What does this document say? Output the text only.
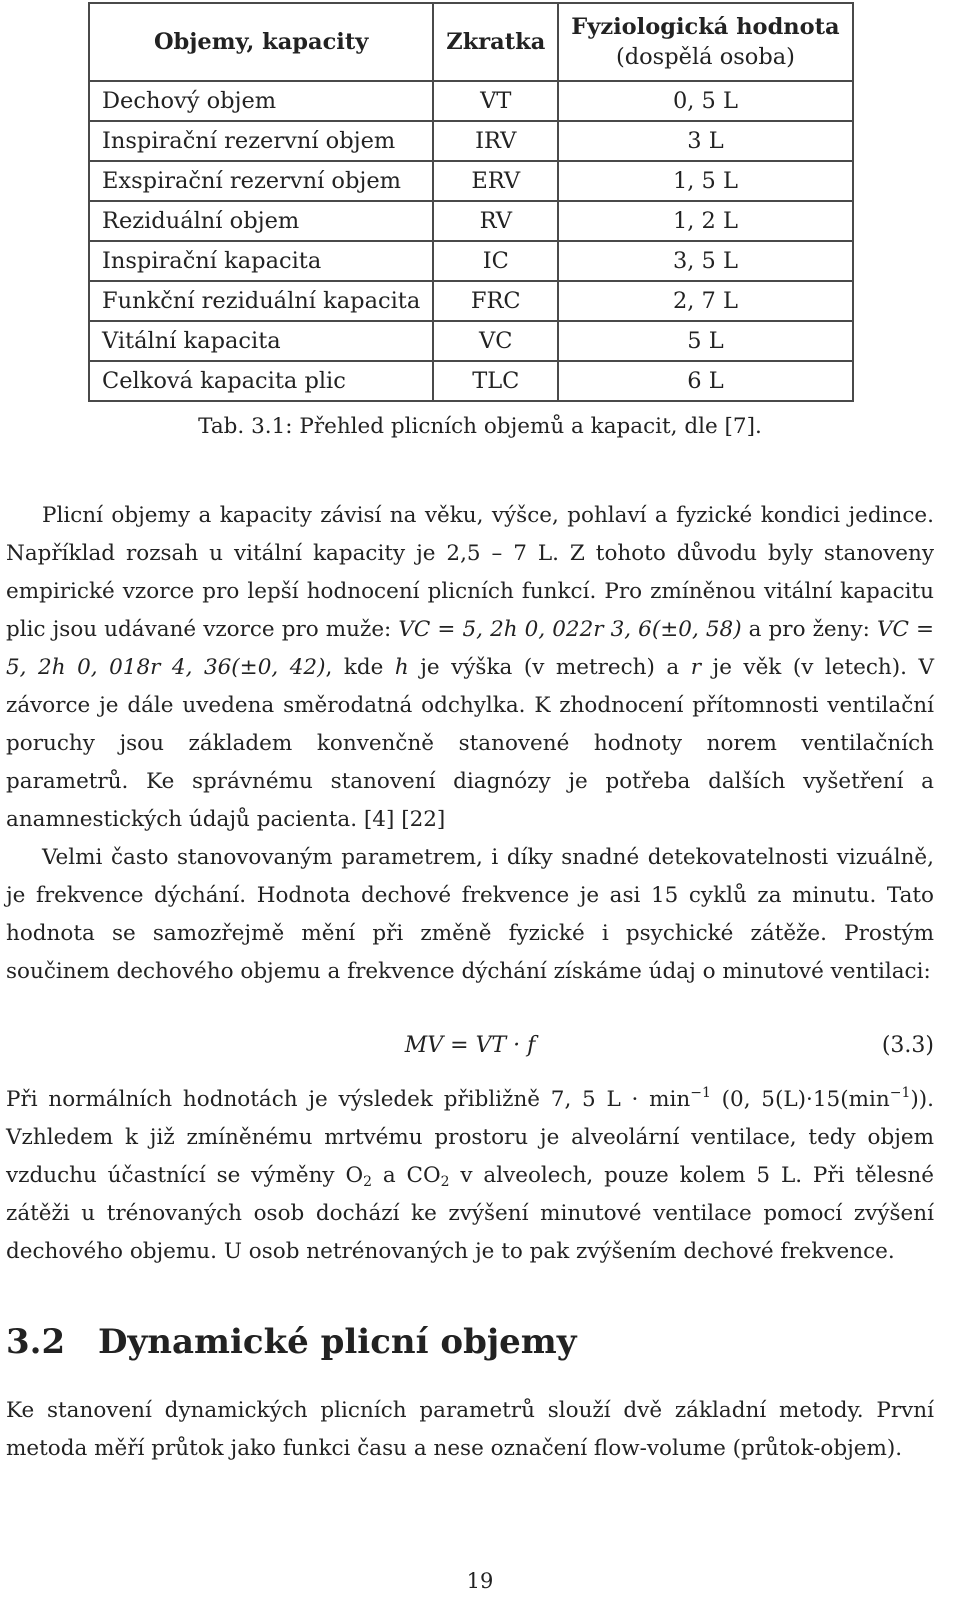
Objemy, kapacity	Zkratka	Fyziologická hodnota
(dospělá osoba)

Dechový objem	VT	0, 5 L
Inspirační rezervní objem	IRV	3 L
Exspirační rezervní objem	ERV	1, 5 L
Reziduální objem	RV	1, 2 L
Inspirační kapacita	IC	3, 5 L
Funkční reziduální kapacita	FRC	2, 7 L
Vitální kapacita	VC	5 L
Celková kapacita plic	TLC	6 L
Tab. 3.1: Přehled plicních objemů a kapacit, dle [7].

Plicní objemy a kapacity závisí na věku, výšce, pohlaví a fyzické kondici jedince. Například rozsah u vitální kapacity je 2,5 – 7 L. Z tohoto důvodu byly stanoveny empirické vzorce pro lepší hodnocení plicních funkcí. Pro zmíněnou vitální kapacitu plic jsou udávané vzorce pro muže: VC = 5, 2h 0, 022r 3, 6(±0, 58) a pro ženy: VC = 5, 2h 0, 018r 4, 36(±0, 42), kde h je výška (v metrech) a r je věk (v letech). V závorce je dále uvedena směrodatná odchylka. K zhodnocení přítomnosti ventilační poruchy jsou základem konvenčně stanovené hodnoty norem ventilačních parametrů. Ke správnému stanovení diagnózy je potřeba dalších vyšetření a anamnestických údajů pacienta. [4] [22]

Velmi často stanovovaným parametrem, i díky snadné detekovatelnosti vizuálně, je frekvence dýchání. Hodnota dechové frekvence je asi 15 cyklů za minutu. Tato hodnota se samozřejmě mění při změně fyzické i psychické zátěže. Prostým součinem dechového objemu a frekvence dýchání získáme údaj o minutové ventilaci:

MV = VT · f	(3.3)

Při normálních hodnotách je výsledek přibližně 7, 5 $L \cdot \min^{-1} (0$, $5(L)\cdot 15(\min^{-1})$). Vzhledem k již zmíněnému mrtvému prostoru je alveolární ventilace, tedy objem vzduchu účastnící se výměny $O_2$ a $CO_2$ v alveolech, pouze kolem 5 L. Při tělesné zátěži u trénovaných osob dochází ke zvýšení minutové ventilace pomocí zvýšení dechového objemu. U osob netrénovaných je to pak zvýšením dechové frekvence.

3.2 Dynamické plicní objemy

Ke stanovení dynamických plicních parametrů slouží dvě základní metody. První metoda měří průtok jako funkci času a nese označení flow-volume (průtok-objem).

19
